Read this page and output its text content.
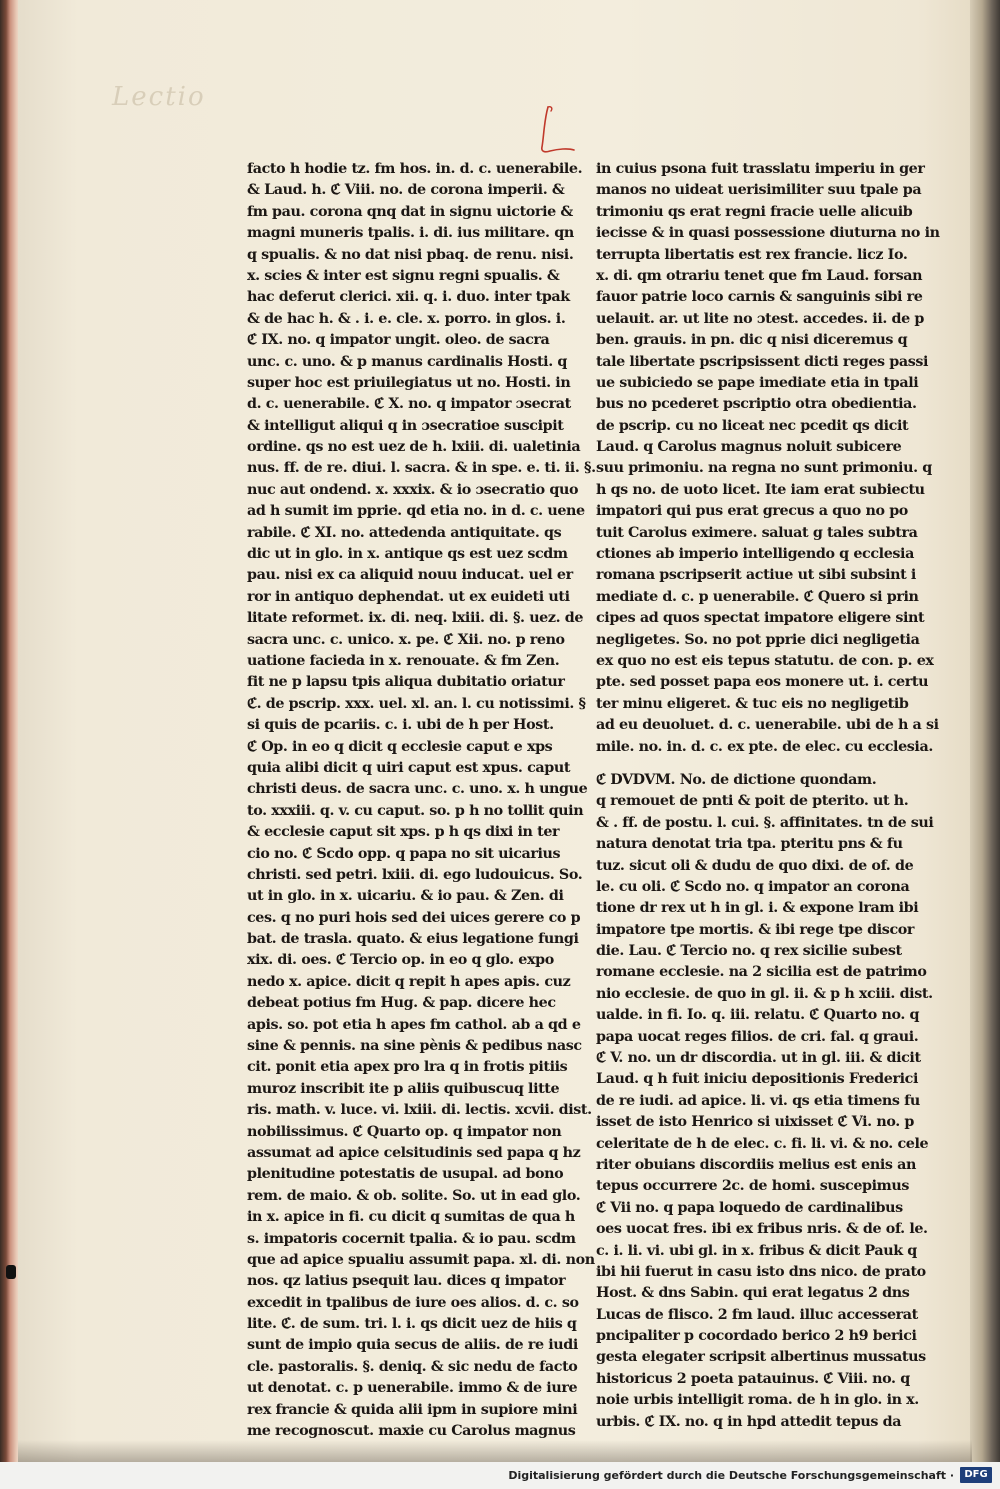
Lectio
facto h hodie tz. fm hos. in. d. c. uenerabile.
& Laud. h. ℭ Viii. no. de corona imperii. &
fm pau. corona qnq dat in signu uictorie &
magni muneris tpalis. i. di. ius militare. qn
q spualis. & no dat nisi pbaq. de renu. nisi.
x. scies & inter est signu regni spualis. &
hac deferut clerici. xii. q. i. duo. inter tpak
& de hac h. & . i. e. cle. x. porro. in glos. i.
ℭ IX. no. q impator ungit. oleo. de sacra
unc. c. uno. & p manus cardinalis Hosti. q
super hoc est priuilegiatus ut no. Hosti. in
d. c. uenerabile. ℭ X. no. q impator ɔsecrat
& intelligut aliqui q in ɔsecratioe suscipit
ordine. qs no est uez de h. lxiii. di. ualetinia
nus. ff. de re. diui. l. sacra. & in spe. e. ti. ii. §.
nuc aut ondend. x. xxxix. & io ɔsecratio quo
ad h sumit im pprie. qd etia no. in d. c. uene
rabile. ℭ XI. no. attedenda antiquitate. qs
dic ut in glo. in x. antique qs est uez scdm
pau. nisi ex ca aliquid nouu inducat. uel er
ror in antiquo dephendat. ut ex euideti uti
litate reformet. ix. di. neq. lxiii. di. §. uez. de
sacra unc. c. unico. x. pe. ℭ Xii. no. p reno
uatione facieda in x. renouate. & fm Zen.
fit ne p lapsu tpis aliqua dubitatio oriatur
ℭ. de pscrip. xxx. uel. xl. an. l. cu notissimi. §
si quis de pcariis. c. i. ubi de h per Host.
ℭ Op. in eo q dicit q ecclesie caput e xps
quia alibi dicit q uiri caput est xpus. caput
christi deus. de sacra unc. c. uno. x. h ungue
to. xxxiii. q. v. cu caput. so. p h no tollit quin
& ecclesie caput sit xps. p h qs dixi in ter
cio no. ℭ Scdo opp. q papa no sit uicarius
christi. sed petri. lxiii. di. ego ludouicus. So.
ut in glo. in x. uicariu. & io pau. & Zen. di
ces. q no puri hois sed dei uices gerere co p
bat. de trasla. quato. & eius legatione fungi
xix. di. oes. ℭ Tercio op. in eo q glo. expo
nedo x. apice. dicit q repit h apes apis. cuz
debeat potius fm Hug. & pap. dicere hec
apis. so. pot etia h apes fm cathol. ab a qd e
sine & pennis. na sine pènis & pedibus nasc
cit. ponit etia apex pro lra q in frotis pitiis
muroz inscribit ite p aliis quibuscuq litte
ris. math. v. luce. vi. lxiii. di. lectis. xcvii. dist.
nobilissimus. ℭ Quarto op. q impator non
assumat ad apice celsitudinis sed papa q hz
plenitudine potestatis de usupal. ad bono
rem. de maio. & ob. solite. So. ut in ead glo.
in x. apice in fi. cu dicit q sumitas de qua h
s. impatoris cocernit tpalia. & io pau. scdm
que ad apice spualiu assumit papa. xl. di. non
nos. qz latius psequit lau. dices q impator
excedit in tpalibus de iure oes alios. d. c. so
lite. ℭ. de sum. tri. l. i. qs dicit uez de hiis q
sunt de impio quia secus de aliis. de re iudi
cle. pastoralis. §. deniq. & sic nedu de facto
ut denotat. c. p uenerabile. immo & de iure
rex francie & quida alii ipm in supiore mini
me recognoscut. maxie cu Carolus magnus
in cuius psona fuit trasslatu imperiu in ger
manos no uideat uerisimiliter suu tpale pa
trimoniu qs erat regni fracie uelle alicuib
iecisse & in quasi possessione diuturna no in
terrupta libertatis est rex francie. licz Io.
x. di. qm otrariu tenet que fm Laud. forsan
fauor patrie loco carnis & sanguinis sibi re
uelauit. ar. ut lite no ɔtest. accedes. ii. de p
ben. grauis. in pn. dic q nisi diceremus q
tale libertate pscripsissent dicti reges passi
ue subiciedo se pape imediate etia in tpali
bus no pcederet pscriptio otra obedientia.
de pscrip. cu no liceat nec pcedit qs dicit
Laud. q Carolus magnus noluit subicere
suu primoniu. na regna no sunt primoniu. q
h qs no. de uoto licet. Ite iam erat subiectu
impatori qui pus erat grecus a quo no po
tuit Carolus eximere. saluat g tales subtra
ctiones ab imperio intelligendo q ecclesia
romana pscripserit actiue ut sibi subsint i
mediate d. c. p uenerabile. ℭ Quero si prin
cipes ad quos spectat impatore eligere sint
negligetes. So. no pot pprie dici negligetia
ex quo no est eis tepus statutu. de con. p. ex
pte. sed posset papa eos monere ut. i. certu
ter minu eligeret. & tuc eis no negligetib
ad eu deuoluet. d. c. uenerabile. ubi de h a si
mile. no. in. d. c. ex pte. de elec. cu ecclesia.
ℭ DVDVM. No. de dictione quondam.
q remouet de pnti & poit de pterito. ut h.
& . ff. de postu. l. cui. §. affinitates. tn de sui
natura denotat tria tpa. pteritu pns & fu
tuz. sicut oli & dudu de quo dixi. de of. de
le. cu oli. ℭ Scdo no. q impator an corona
tione dr rex ut h in gl. i. & expone lram ibi
impatore tpe mortis. & ibi rege tpe discor
die. Lau. ℭ Tercio no. q rex sicilie subest
romane ecclesie. na 2 sicilia est de patrimo
nio ecclesie. de quo in gl. ii. & p h xciii. dist.
ualde. in fi. Io. q. iii. relatu. ℭ Quarto no. q
papa uocat reges filios. de cri. fal. q graui.
ℭ V. no. un dr discordia. ut in gl. iii. & dicit
Laud. q h fuit iniciu depositionis Frederici
de re iudi. ad apice. li. vi. qs etia timens fu
isset de isto Henrico si uixisset ℭ Vi. no. p
celeritate de h de elec. c. fi. li. vi. & no. cele
riter obuians discordiis melius est enis an
tepus occurrere 2c. de homi. suscepimus
ℭ Vii no. q papa loquedo de cardinalibus
oes uocat fres. ibi ex fribus nris. & de of. le.
c. i. li. vi. ubi gl. in x. fribus & dicit Pauk q
ibi hii fuerut in casu isto dns nico. de prato
Host. & dns Sabin. qui erat legatus 2 dns
Lucas de flisco. 2 fm laud. illuc accesserat
pncipaliter p cocordado berico 2 h9 berici
gesta elegater scripsit albertinus mussatus
historicus 2 poeta patauinus. ℭ Viii. no. q
noie urbis intelligit roma. de h in glo. in x.
urbis. ℭ IX. no. q in hpd attedit tepus da
Digitalisierung gefördert durch die Deutsche Forschungsgemeinschaft ·	DFG
